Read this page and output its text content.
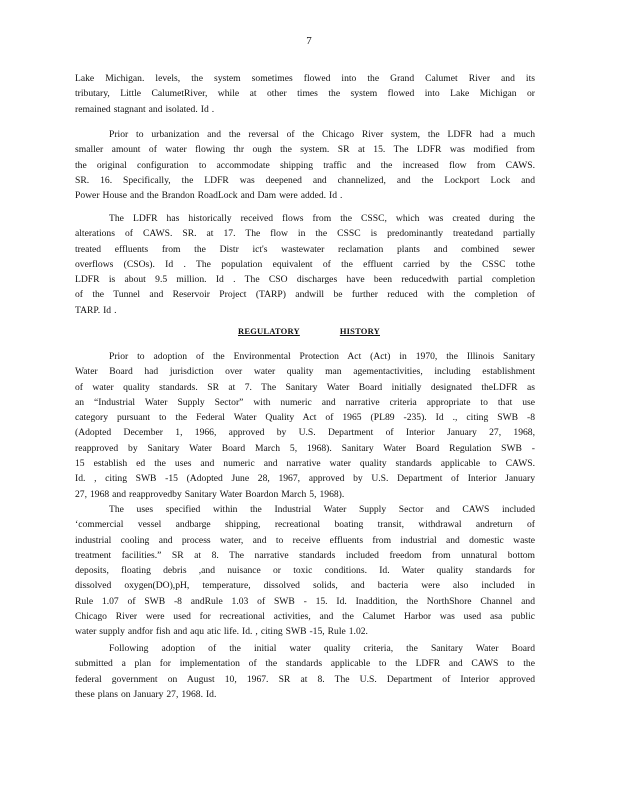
7
Lake Michigan. levels, the system sometimes flowed into the Grand Calumet River and its
tributary, Little CalumetRiver, while at other times the system flowed into Lake Michigan or
remained stagnant and isolated. Id .
Prior to urbanization and the reversal of the Chicago River system, the LDFR had a much
smaller amount of water flowing thr ough the system. SR at 15. The LDFR was modified from
the original configuration to accommodate shipping traffic and the increased flow from CAWS.
SR. 16. Specifically, the LDFR was deepened and channelized, and the Lockport Lock and
Power House and the Brandon RoadLock and Dam were added. Id .
The LDFR has historically received flows from the CSSC, which was created during the
alterations of CAWS. SR. at 17. The flow in the CSSC is predominantly treatedand partially
treated effluents from the Distr ict's wastewater reclamation plants and combined sewer
overflows (CSOs). Id . The population equivalent of the effluent carried by the CSSC tothe
LDFR is about 9.5 million. Id . The CSO discharges have been reducedwith partial completion
of the Tunnel and Reservoir Project (TARP) andwill be further reduced with the completion of
TARP. Id .
REGULATORY	HISTORY
Prior to adoption of the Environmental Protection Act (Act) in 1970, the Illinois Sanitary
Water Board had jurisdiction over water quality man agementactivities, including establishment
of water quality standards. SR at 7. The Sanitary Water Board initially designated theLDFR as
an “Industrial Water Supply Sector” with numeric and narrative criteria appropriate to that use
category pursuant to the Federal Water Quality Act of 1965 (PL89 -235). Id ., citing SWB -8
(Adopted December 1, 1966, approved by U.S. Department of Interior January 27, 1968,
reapproved by Sanitary Water Board March 5, 1968). Sanitary Water Board Regulation SWB -
15 establish ed the uses and numeric and narrative water quality standards applicable to CAWS.
Id. , citing SWB -15 (Adopted June 28, 1967, approved by U.S. Department of Interior January
27, 1968 and reapprovedby Sanitary Water Boardon March 5, 1968).
The uses specified within the Industrial Water Supply Sector and CAWS included
‘commercial vessel andbarge shipping, recreational boating transit, withdrawal andreturn of
industrial cooling and process water, and to receive effluents from industrial and domestic waste
treatment facilities.” SR at 8. The narrative standards included freedom from unnatural bottom
deposits, floating debris ,and nuisance or toxic conditions. Id. Water quality standards for
dissolved oxygen(DO),pH, temperature, dissolved solids, and bacteria were also included in
Rule 1.07 of SWB -8 andRule 1.03 of SWB - 15. Id. Inaddition, the NorthShore Channel and
Chicago River were used for recreational activities, and the Calumet Harbor was used asa public
water supply andfor fish and aqu atic life. Id. , citing SWB -15, Rule 1.02.
Following adoption of the initial water quality criteria, the Sanitary Water Board
submitted a plan for implementation of the standards applicable to the LDFR and CAWS to the
federal government on August 10, 1967. SR at 8. The U.S. Department of Interior approved
these plans on January 27, 1968. Id.
